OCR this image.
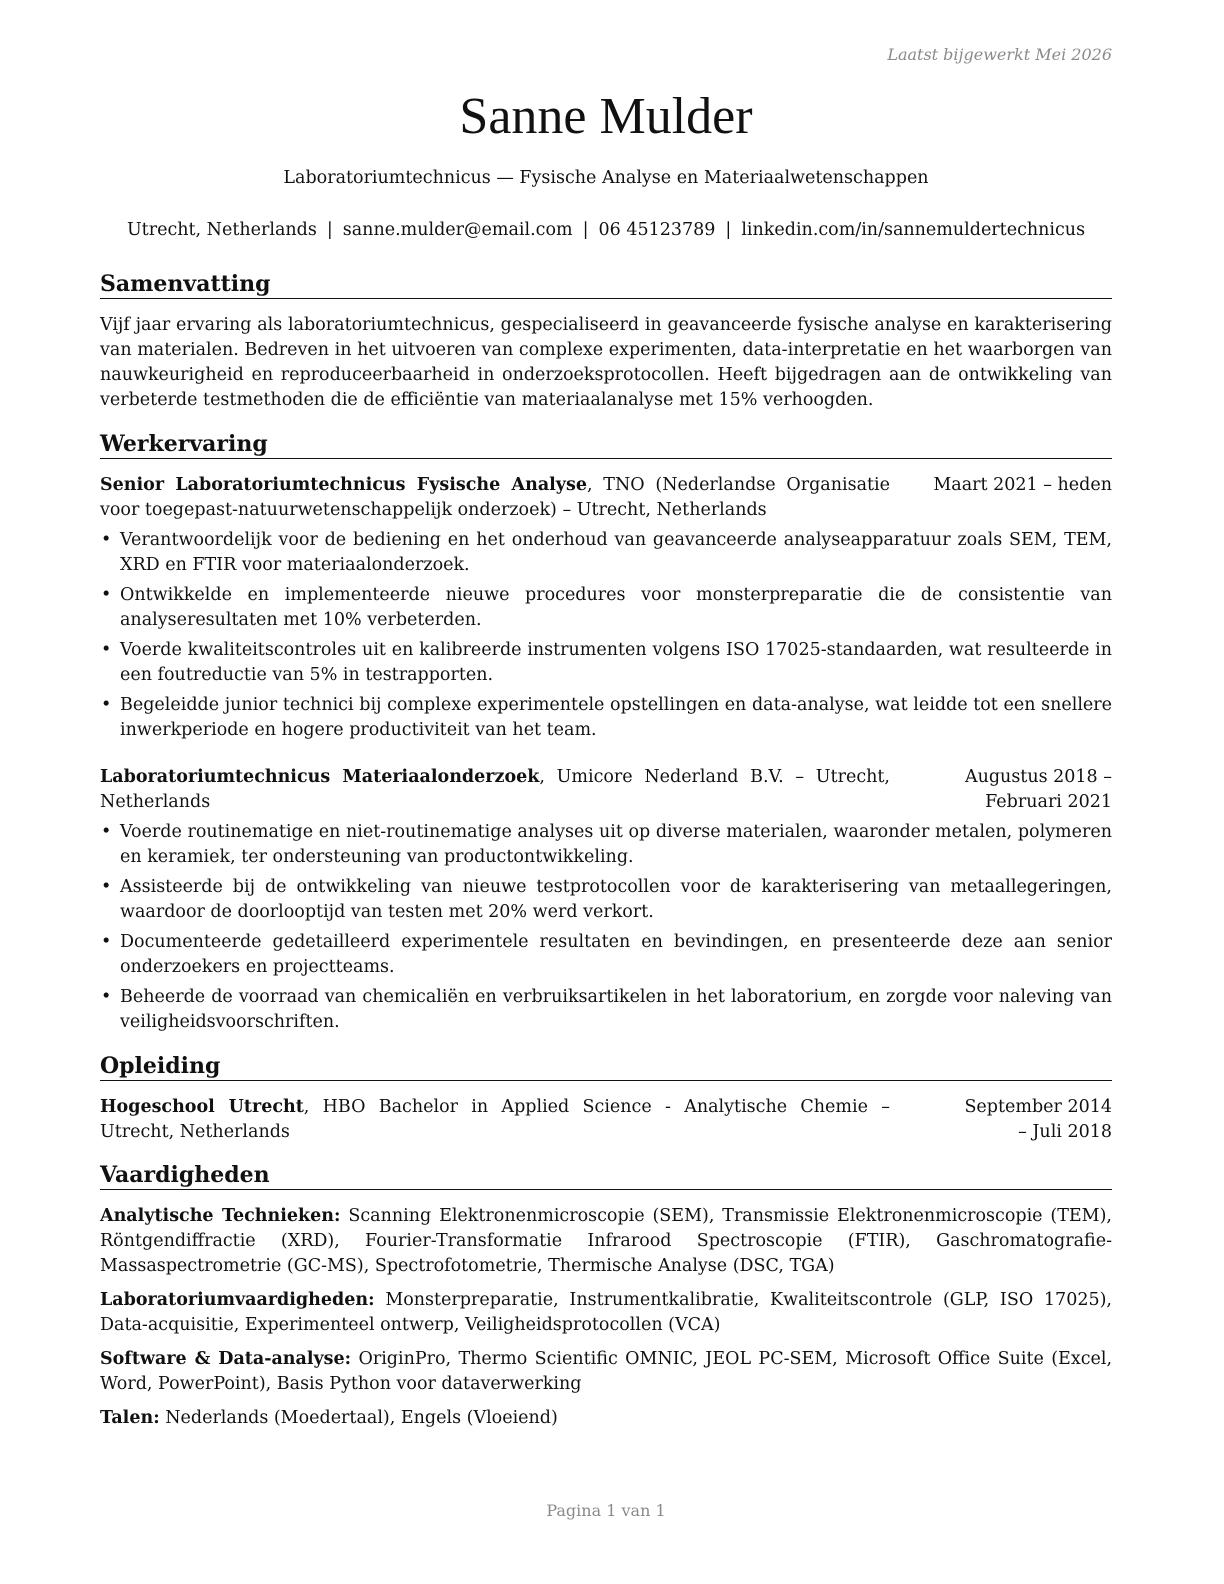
Laatst bijgewerkt Mei 2026
Sanne Mulder
Laboratoriumtechnicus — Fysische Analyse en Materiaalwetenschappen
Utrecht, Netherlands | sanne.mulder@email.com | 06 45123789 | linkedin.com/in/sannemuldertechnicus
Samenvatting

Vijf jaar ervaring als laboratoriumtechnicus, gespecialiseerd in geavanceerde fysische analyse en karakterisering van materialen. Bedreven in het uitvoeren van complexe experimenten, data-interpretatie en het waarborgen van nauwkeurigheid en reproduceerbaarheid in onderzoeksprotocollen. Heeft bijgedragen aan de ontwikkeling van verbeterde testmethoden die de efficiëntie van materiaalanalyse met 15% verhoogden.

Werkervaring
Senior Laboratoriumtechnicus Fysische Analyse, TNO (Nederlandse Organisatie voor toegepast-natuurwetenschappelijk onderzoek) – Utrecht, Netherlands
Maart 2021 – heden
• Verantwoordelijk voor de bediening en het onderhoud van geavanceerde analyseapparatuur zoals SEM, TEM, XRD en FTIR voor materiaalonderzoek.
• Ontwikkelde en implementeerde nieuwe procedures voor monsterpreparatie die de consistentie van analyseresultaten met 10% verbeterden.
• Voerde kwaliteitscontroles uit en kalibreerde instrumenten volgens ISO 17025-standaarden, wat resulteerde in een foutreductie van 5% in testrapporten.
• Begeleidde junior technici bij complexe experimentele opstellingen en data-analyse, wat leidde tot een snellere inwerkperiode en hogere productiviteit van het team.
Laboratoriumtechnicus Materiaalonderzoek, Umicore Nederland B.V. – Utrecht, Netherlands
Augustus 2018 – Februari 2021
• Voerde routinematige en niet-routinematige analyses uit op diverse materialen, waaronder metalen, polymeren en keramiek, ter ondersteuning van productontwikkeling.
• Assisteerde bij de ontwikkeling van nieuwe testprotocollen voor de karakterisering van metaallegeringen, waardoor de doorlooptijd van testen met 20% werd verkort.
• Documenteerde gedetailleerd experimentele resultaten en bevindingen, en presenteerde deze aan senior onderzoekers en projectteams.
• Beheerde de voorraad van chemicaliën en verbruiksartikelen in het laboratorium, en zorgde voor naleving van veiligheidsvoorschriften.
Opleiding
Hogeschool Utrecht, HBO Bachelor in Applied Science - Analytische Chemie – Utrecht, Netherlands
September 2014 – Juli 2018
Vaardigheden

Analytische Technieken: Scanning Elektronenmicroscopie (SEM), Transmissie Elektronenmicroscopie (TEM), Röntgendiffractie (XRD), Fourier-Transformatie Infrarood Spectroscopie (FTIR), Gaschromatografie-Massaspectrometrie (GC-MS), Spectrofotometrie, Thermische Analyse (DSC, TGA)

Laboratoriumvaardigheden: Monsterpreparatie, Instrumentkalibratie, Kwaliteitscontrole (GLP, ISO 17025), Data-acquisitie, Experimenteel ontwerp, Veiligheidsprotocollen (VCA)

Software & Data-analyse: OriginPro, Thermo Scientific OMNIC, JEOL PC-SEM, Microsoft Office Suite (Excel, Word, PowerPoint), Basis Python voor dataverwerking

Talen: Nederlands (Moedertaal), Engels (Vloeiend)

Pagina 1 van 1
